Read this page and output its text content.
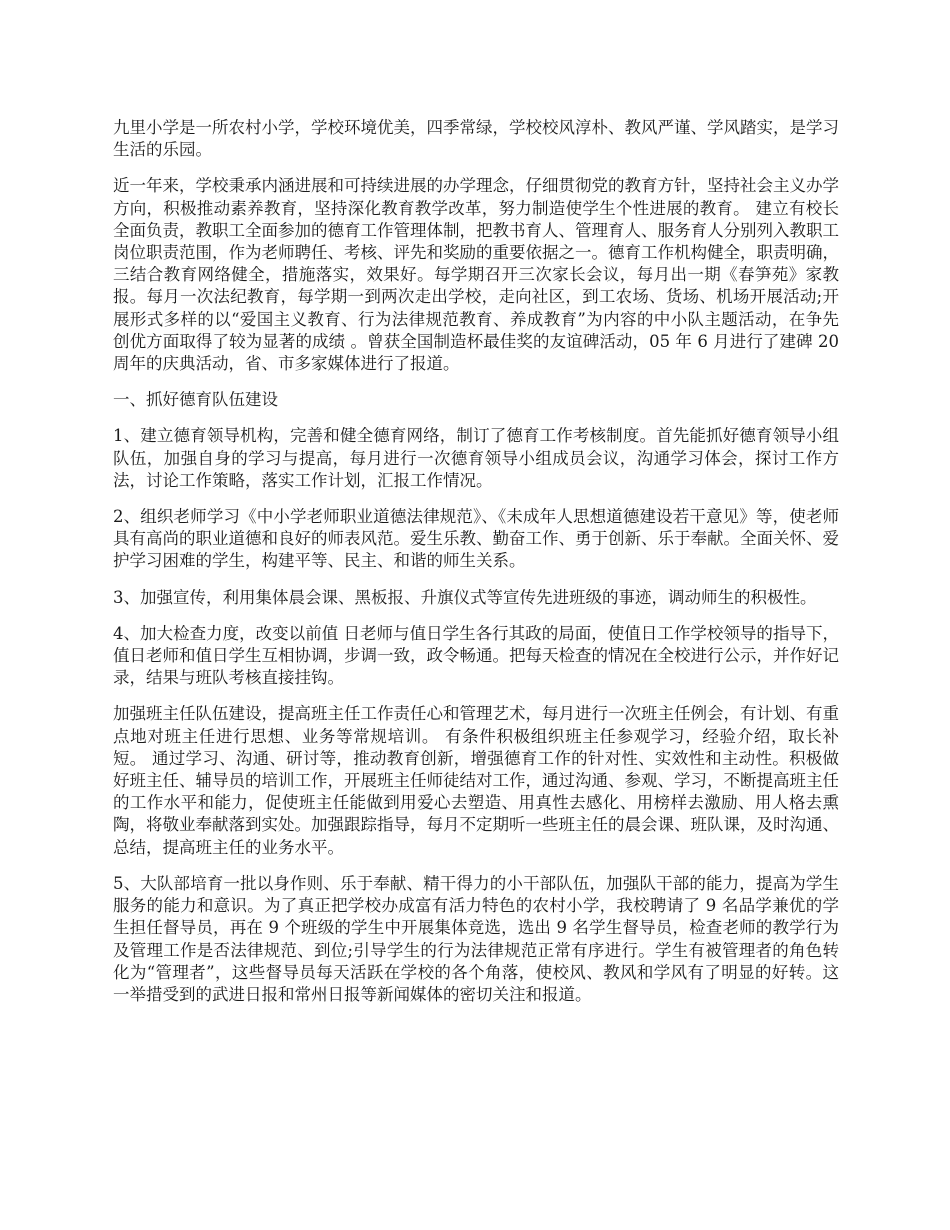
九里小学是一所农村小学，学校环境优美，四季常绿，学校校风淳朴、教风严谨、学风踏实，是学习生活的乐园。

近一年来，学校秉承内涵进展和可持续进展的办学理念，仔细贯彻党的教育方针，坚持社会主义办学方向，积极推动素养教育，坚持深化教育教学改革，努力制造使学生个性进展的教育。 建立有校长全面负责，教职工全面参加的德育工作管理体制，把教书育人、管理育人、服务育人分别列入教职工岗位职责范围，作为老师聘任、考核、评先和奖励的重要依据之一。德育工作机构健全，职责明确，三结合教育网络健全，措施落实，效果好。每学期召开三次家长会议，每月出一期《春笋苑》家教报。每月一次法纪教育，每学期一到两次走出学校，走向社区，到工农场、货场、机场开展活动;开展形式多样的以“爱国主义教育、行为法律规范教育、养成教育”为内容的中小队主题活动，在争先创优方面取得了较为显著的成绩 。曾获全国制造杯最佳奖的友谊碑活动，05 年 6 月进行了建碑 20 周年的庆典活动，省、市多家媒体进行了报道。

一、抓好德育队伍建设

1、建立德育领导机构，完善和健全德育网络，制订了德育工作考核制度。首先能抓好德育领导小组队伍，加强自身的学习与提高，每月进行一次德育领导小组成员会议，沟通学习体会，探讨工作方法，讨论工作策略，落实工作计划，汇报工作情况。

2、组织老师学习《中小学老师职业道德法律规范》、《未成年人思想道德建设若干意见》等，使老师具有高尚的职业道德和良好的师表风范。爱生乐教、勤奋工作、勇于创新、乐于奉献。全面关怀、爱护学习困难的学生，构建平等、民主、和谐的师生关系。

3、加强宣传，利用集体晨会课、黑板报、升旗仪式等宣传先进班级的事迹，调动师生的积极性。

4、加大检查力度，改变以前值 日老师与值日学生各行其政的局面，使值日工作学校领导的指导下，值日老师和值日学生互相协调，步调一致，政令畅通。把每天检查的情况在全校进行公示，并作好记录，结果与班队考核直接挂钩。

加强班主任队伍建设，提高班主任工作责任心和管理艺术，每月进行一次班主任例会，有计划、有重点地对班主任进行思想、业务等常规培训。 有条件积极组织班主任参观学习，经验介绍，取长补短。 通过学习、沟通、研讨等，推动教育创新，增强德育工作的针对性、实效性和主动性。积极做好班主任、辅导员的培训工作，开展班主任师徒结对工作，通过沟通、参观、学习，不断提高班主任的工作水平和能力，促使班主任能做到用爱心去塑造、用真性去感化、用榜样去激励、用人格去熏陶，将敬业奉献落到实处。加强跟踪指导，每月不定期听一些班主任的晨会课、班队课，及时沟通、总结，提高班主任的业务水平。

5、大队部培育一批以身作则、乐于奉献、精干得力的小干部队伍，加强队干部的能力，提高为学生服务的能力和意识。为了真正把学校办成富有活力特色的农村小学，我校聘请了 9 名品学兼优的学生担任督导员，再在 9 个班级的学生中开展集体竞选，选出 9 名学生督导员，检查老师的教学行为及管理工作是否法律规范、到位;引导学生的行为法律规范正常有序进行。学生有被管理者的角色转化为“管理者”，这些督导员每天活跃在学校的各个角落，使校风、教风和学风有了明显的好转。这一举措受到的武进日报和常州日报等新闻媒体的密切关注和报道。
